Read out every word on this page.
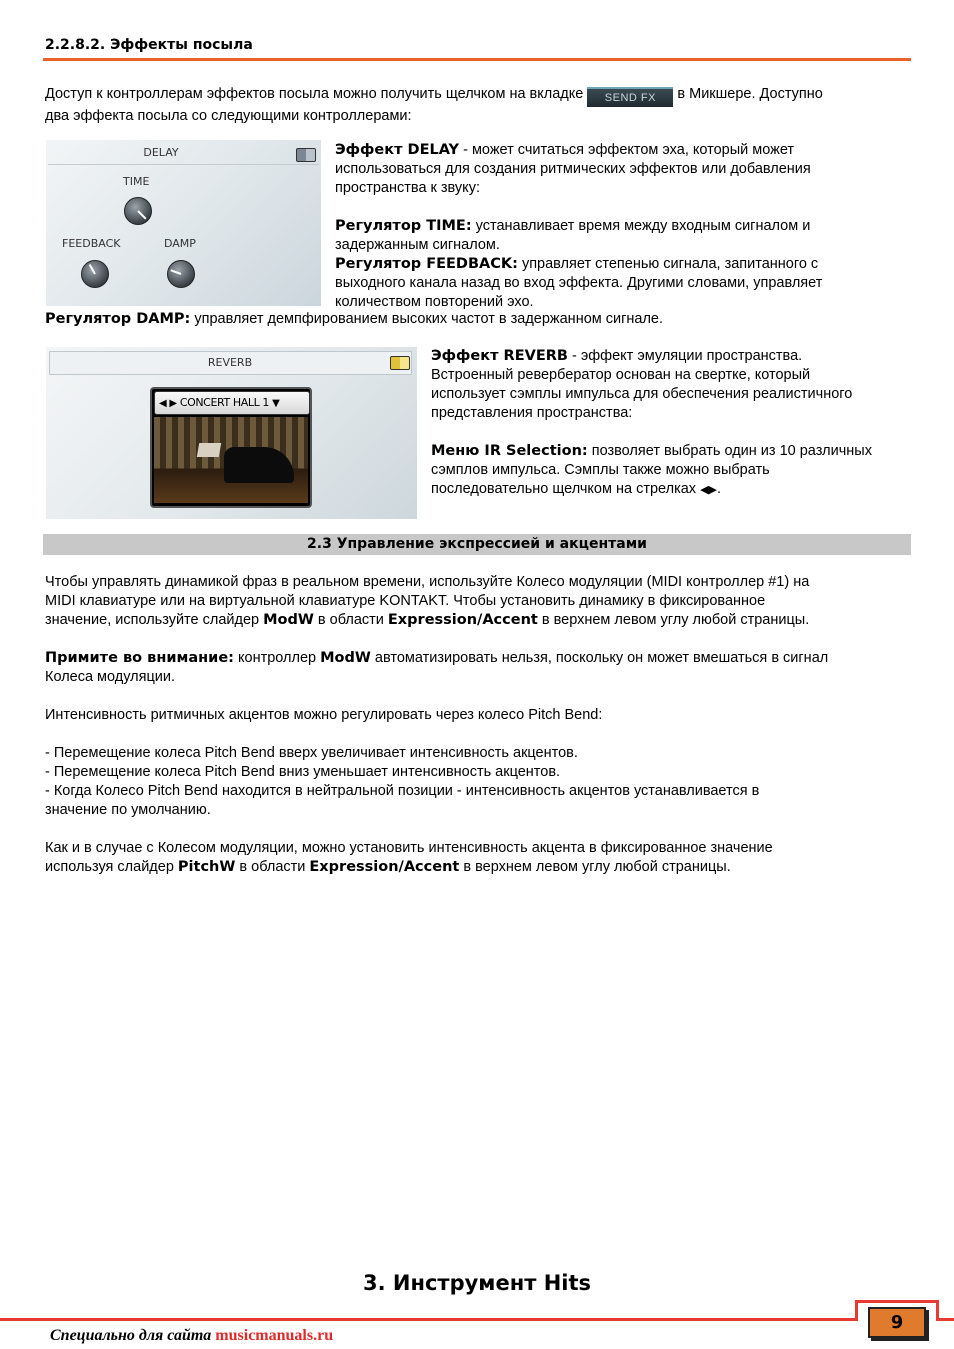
2.2.8.2. Эффекты посыла
Доступ к контроллерам эффектов посыла можно получить щелчком на вкладке SEND FX в Микшере. Доступно
два эффекта посыла со следующими контроллерами:
DELAY
TIME
FEEDBACK	DAMP
Эффект DELAY - может считаться эффектом эха, который может
использоваться для создания ритмических эффектов или добавления
пространства к звуку:

Регулятор TIME: устанавливает время между входным сигналом и
задержанным сигналом.
Регулятор FEEDBACK: управляет степенью сигнала, запитанного с
выходного канала назад во вход эффекта. Другими словами, управляет
количеством повторений эхо.
Регулятор DAMP: управляет демпфированием высоких частот в задержанном сигнале.
REVERB
◀ ▶ CONCERT HALL 1 ▼
Эффект REVERB - эффект эмуляции пространства.
Встроенный ревербератор основан на свертке, который
использует сэмплы импульса для обеспечения реалистичного
представления пространства:

Меню IR Selection: позволяет выбрать один из 10 различных
сэмплов импульса. Сэмплы также можно выбрать
последовательно щелчком на стрелках ◀▶.
2.3 Управление экспрессией и акцентами
Чтобы управлять динамикой фраз в реальном времени, используйте Колесо модуляции (MIDI контроллер #1) на
MIDI клавиатуре или на виртуальной клавиатуре KONTAKT. Чтобы установить динамику в фиксированное
значение, используйте слайдер ModW в области Expression/Accent в верхнем левом углу любой страницы.

Примите во внимание: контроллер ModW автоматизировать нельзя, поскольку он может вмешаться в сигнал
Колеса модуляции.

Интенсивность ритмичных акцентов можно регулировать через колесо Pitch Bend:

- Перемещение колеса Pitch Bend вверх увеличивает интенсивность акцентов.
- Перемещение колеса Pitch Bend вниз уменьшает интенсивность акцентов.
- Когда Колесо Pitch Bend находится в нейтральной позиции - интенсивность акцентов устанавливается в
значение по умолчанию.

Как и в случае с Колесом модуляции, можно установить интенсивность акцента в фиксированное значение
используя слайдер PitchW в области Expression/Accent в верхнем левом углу любой страницы.
3. Инструмент Hits
9
Специально для сайта musicmanuals.ru
